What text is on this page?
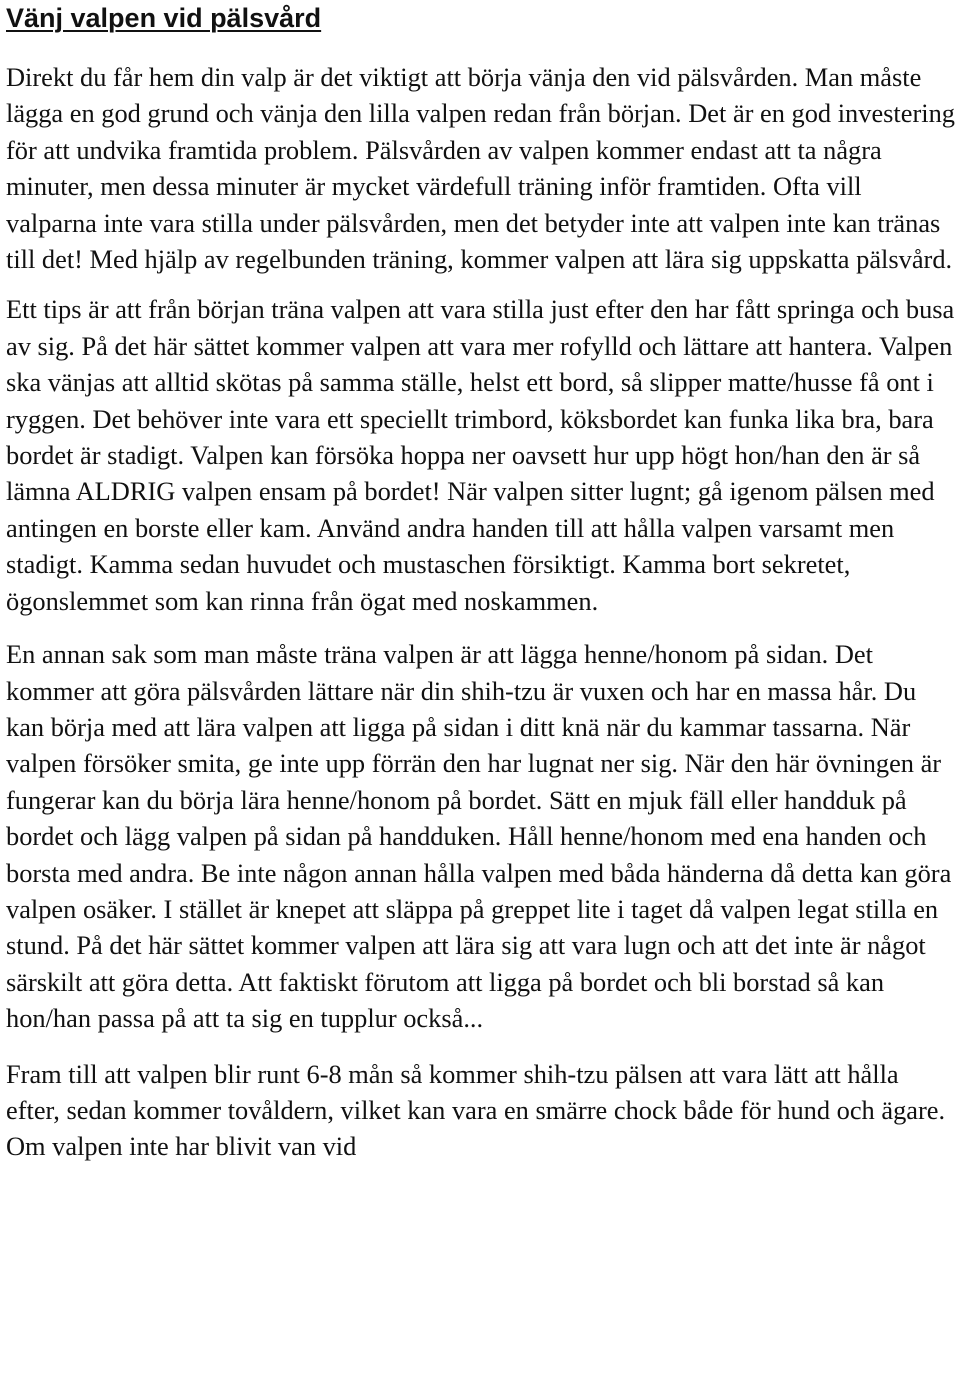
Vänj valpen vid pälsvård

Direkt du får hem din valp är det viktigt att börja vänja den vid pälsvården. Man måste lägga en god grund och vänja den lilla valpen redan från början. Det är en god investering för att undvika framtida problem. Pälsvården av valpen kommer endast att ta några minuter, men dessa minuter är mycket värdefull träning inför framtiden. Ofta vill valparna inte vara stilla under pälsvården, men det betyder inte att valpen inte kan tränas till det! Med hjälp av regelbunden träning, kommer valpen att lära sig uppskatta pälsvård.

Ett tips är att från början träna valpen att vara stilla just efter den har fått springa och busa av sig. På det här sättet kommer valpen att vara mer rofylld och lättare att hantera. Valpen ska vänjas att alltid skötas på samma ställe, helst ett bord, så slipper matte/husse få ont i ryggen. Det behöver inte vara ett speciellt trimbord, köksbordet kan funka lika bra, bara bordet är stadigt. Valpen kan försöka hoppa ner oavsett hur upp högt hon/han den är så lämna ALDRIG valpen ensam på bordet! När valpen sitter lugnt; gå igenom pälsen med antingen en borste eller kam. Använd andra handen till att hålla valpen varsamt men stadigt. Kamma sedan huvudet och mustaschen försiktigt. Kamma bort sekretet, ögonslemmet som kan rinna från ögat med noskammen.

En annan sak som man måste träna valpen är att lägga henne/honom på sidan. Det kommer att göra pälsvården lättare när din shih-tzu är vuxen och har en massa hår. Du kan börja med att lära valpen att ligga på sidan i ditt knä när du kammar tassarna. När valpen försöker smita, ge inte upp förrän den har lugnat ner sig. När den här övningen är fungerar kan du börja lära henne/honom på bordet. Sätt en mjuk fäll eller handduk på bordet och lägg valpen på sidan på handduken. Håll henne/honom med ena handen och borsta med andra. Be inte någon annan hålla valpen med båda händerna då detta kan göra valpen osäker. I stället är knepet att släppa på greppet lite i taget då valpen legat stilla en stund. På det här sättet kommer valpen att lära sig att vara lugn och att det inte är något särskilt att göra detta. Att faktiskt förutom att ligga på bordet och bli borstad så kan hon/han passa på att ta sig en tupplur också...

Fram till att valpen blir runt 6-8 mån så kommer shih-tzu pälsen att vara lätt att hålla efter, sedan kommer tovåldern, vilket kan vara en smärre chock både för hund och ägare. Om valpen inte har blivit van vid
